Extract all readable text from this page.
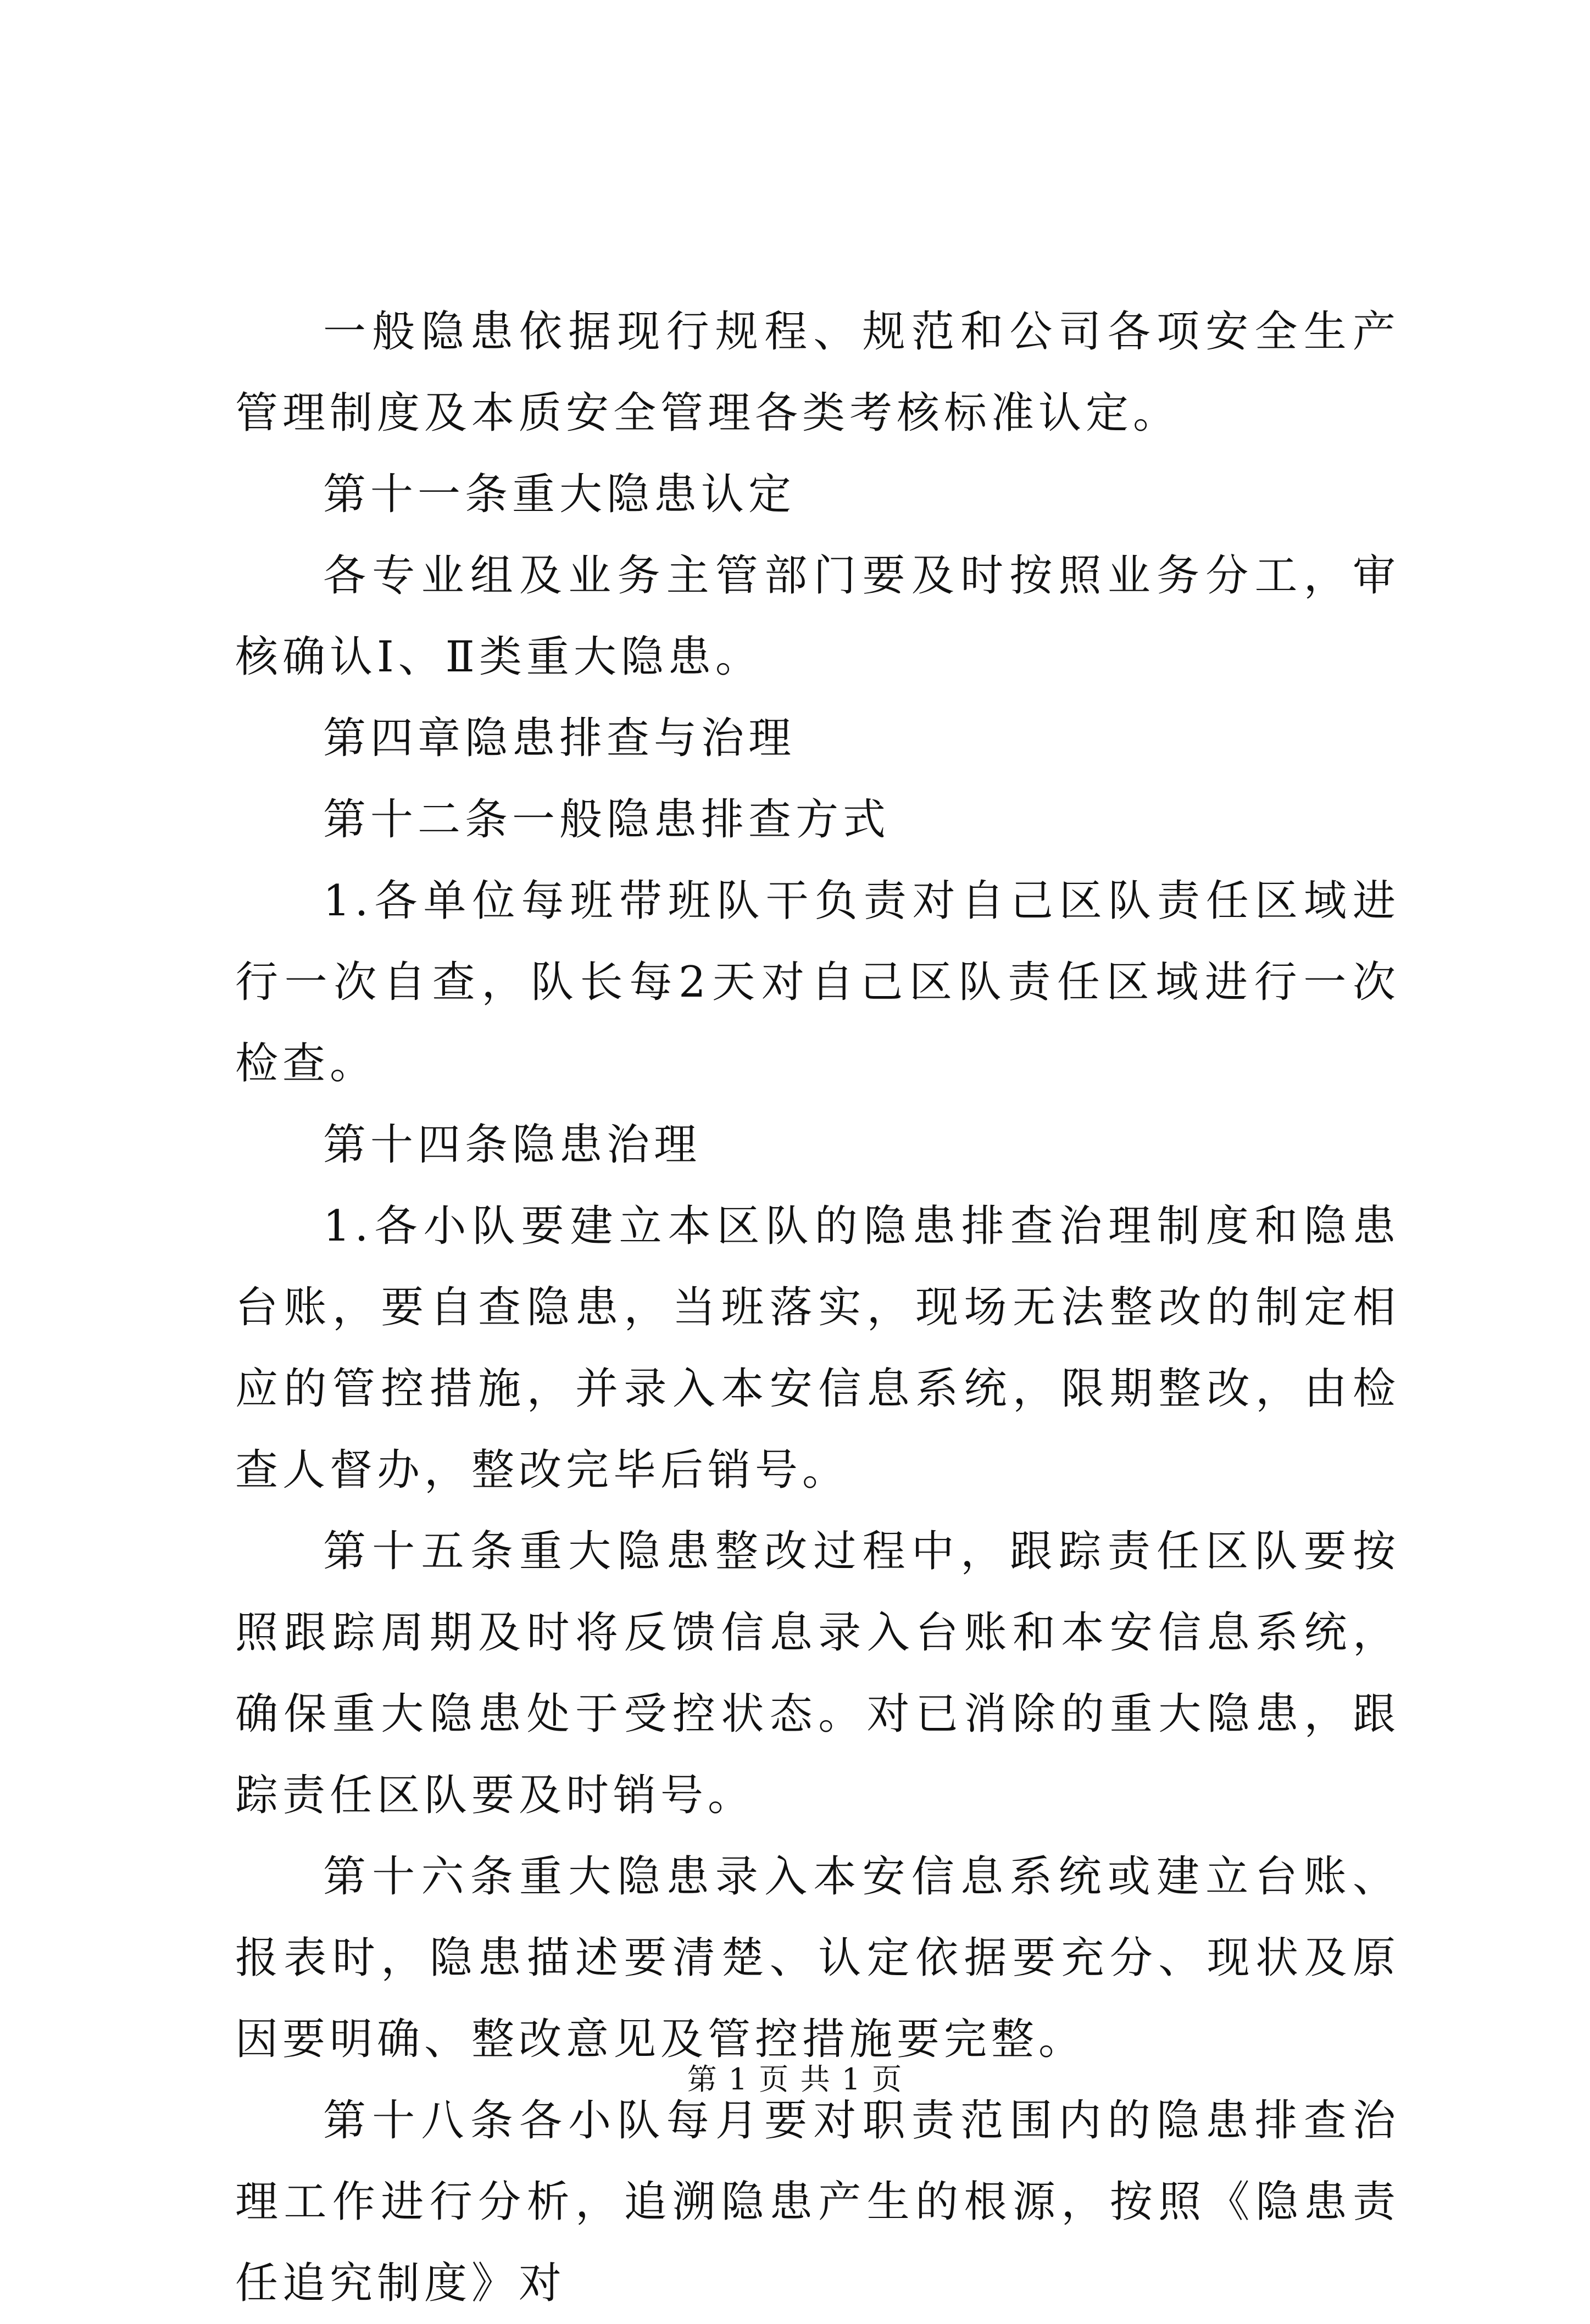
一般隐患依据现行规程、规范和公司各项安全生产管理制度及本质安全管理各类考核标准认定。

第十一条重大隐患认定

各专业组及业务主管部门要及时按照业务分工，审核确认Ⅰ、Ⅱ类重大隐患。

第四章隐患排查与治理

第十二条一般隐患排查方式

1.各单位每班带班队干负责对自己区队责任区域进行一次自查，队长每2天对自己区队责任区域进行一次检查。

第十四条隐患治理

1.各小队要建立本区队的隐患排查治理制度和隐患台账，要自查隐患，当班落实，现场无法整改的制定相应的管控措施，并录入本安信息系统，限期整改，由检查人督办，整改完毕后销号。

第十五条重大隐患整改过程中，跟踪责任区队要按照跟踪周期及时将反馈信息录入台账和本安信息系统，确保重大隐患处于受控状态。对已消除的重大隐患，跟踪责任区队要及时销号。

第十六条重大隐患录入本安信息系统或建立台账、报表时，隐患描述要清楚、认定依据要充分、现状及原因要明确、整改意见及管控措施要完整。

第十八条各小队每月要对职责范围内的隐患排查治理工作进行分析，追溯隐患产生的根源，按照《隐患责任追究制度》对

第 1 页 共 1 页
